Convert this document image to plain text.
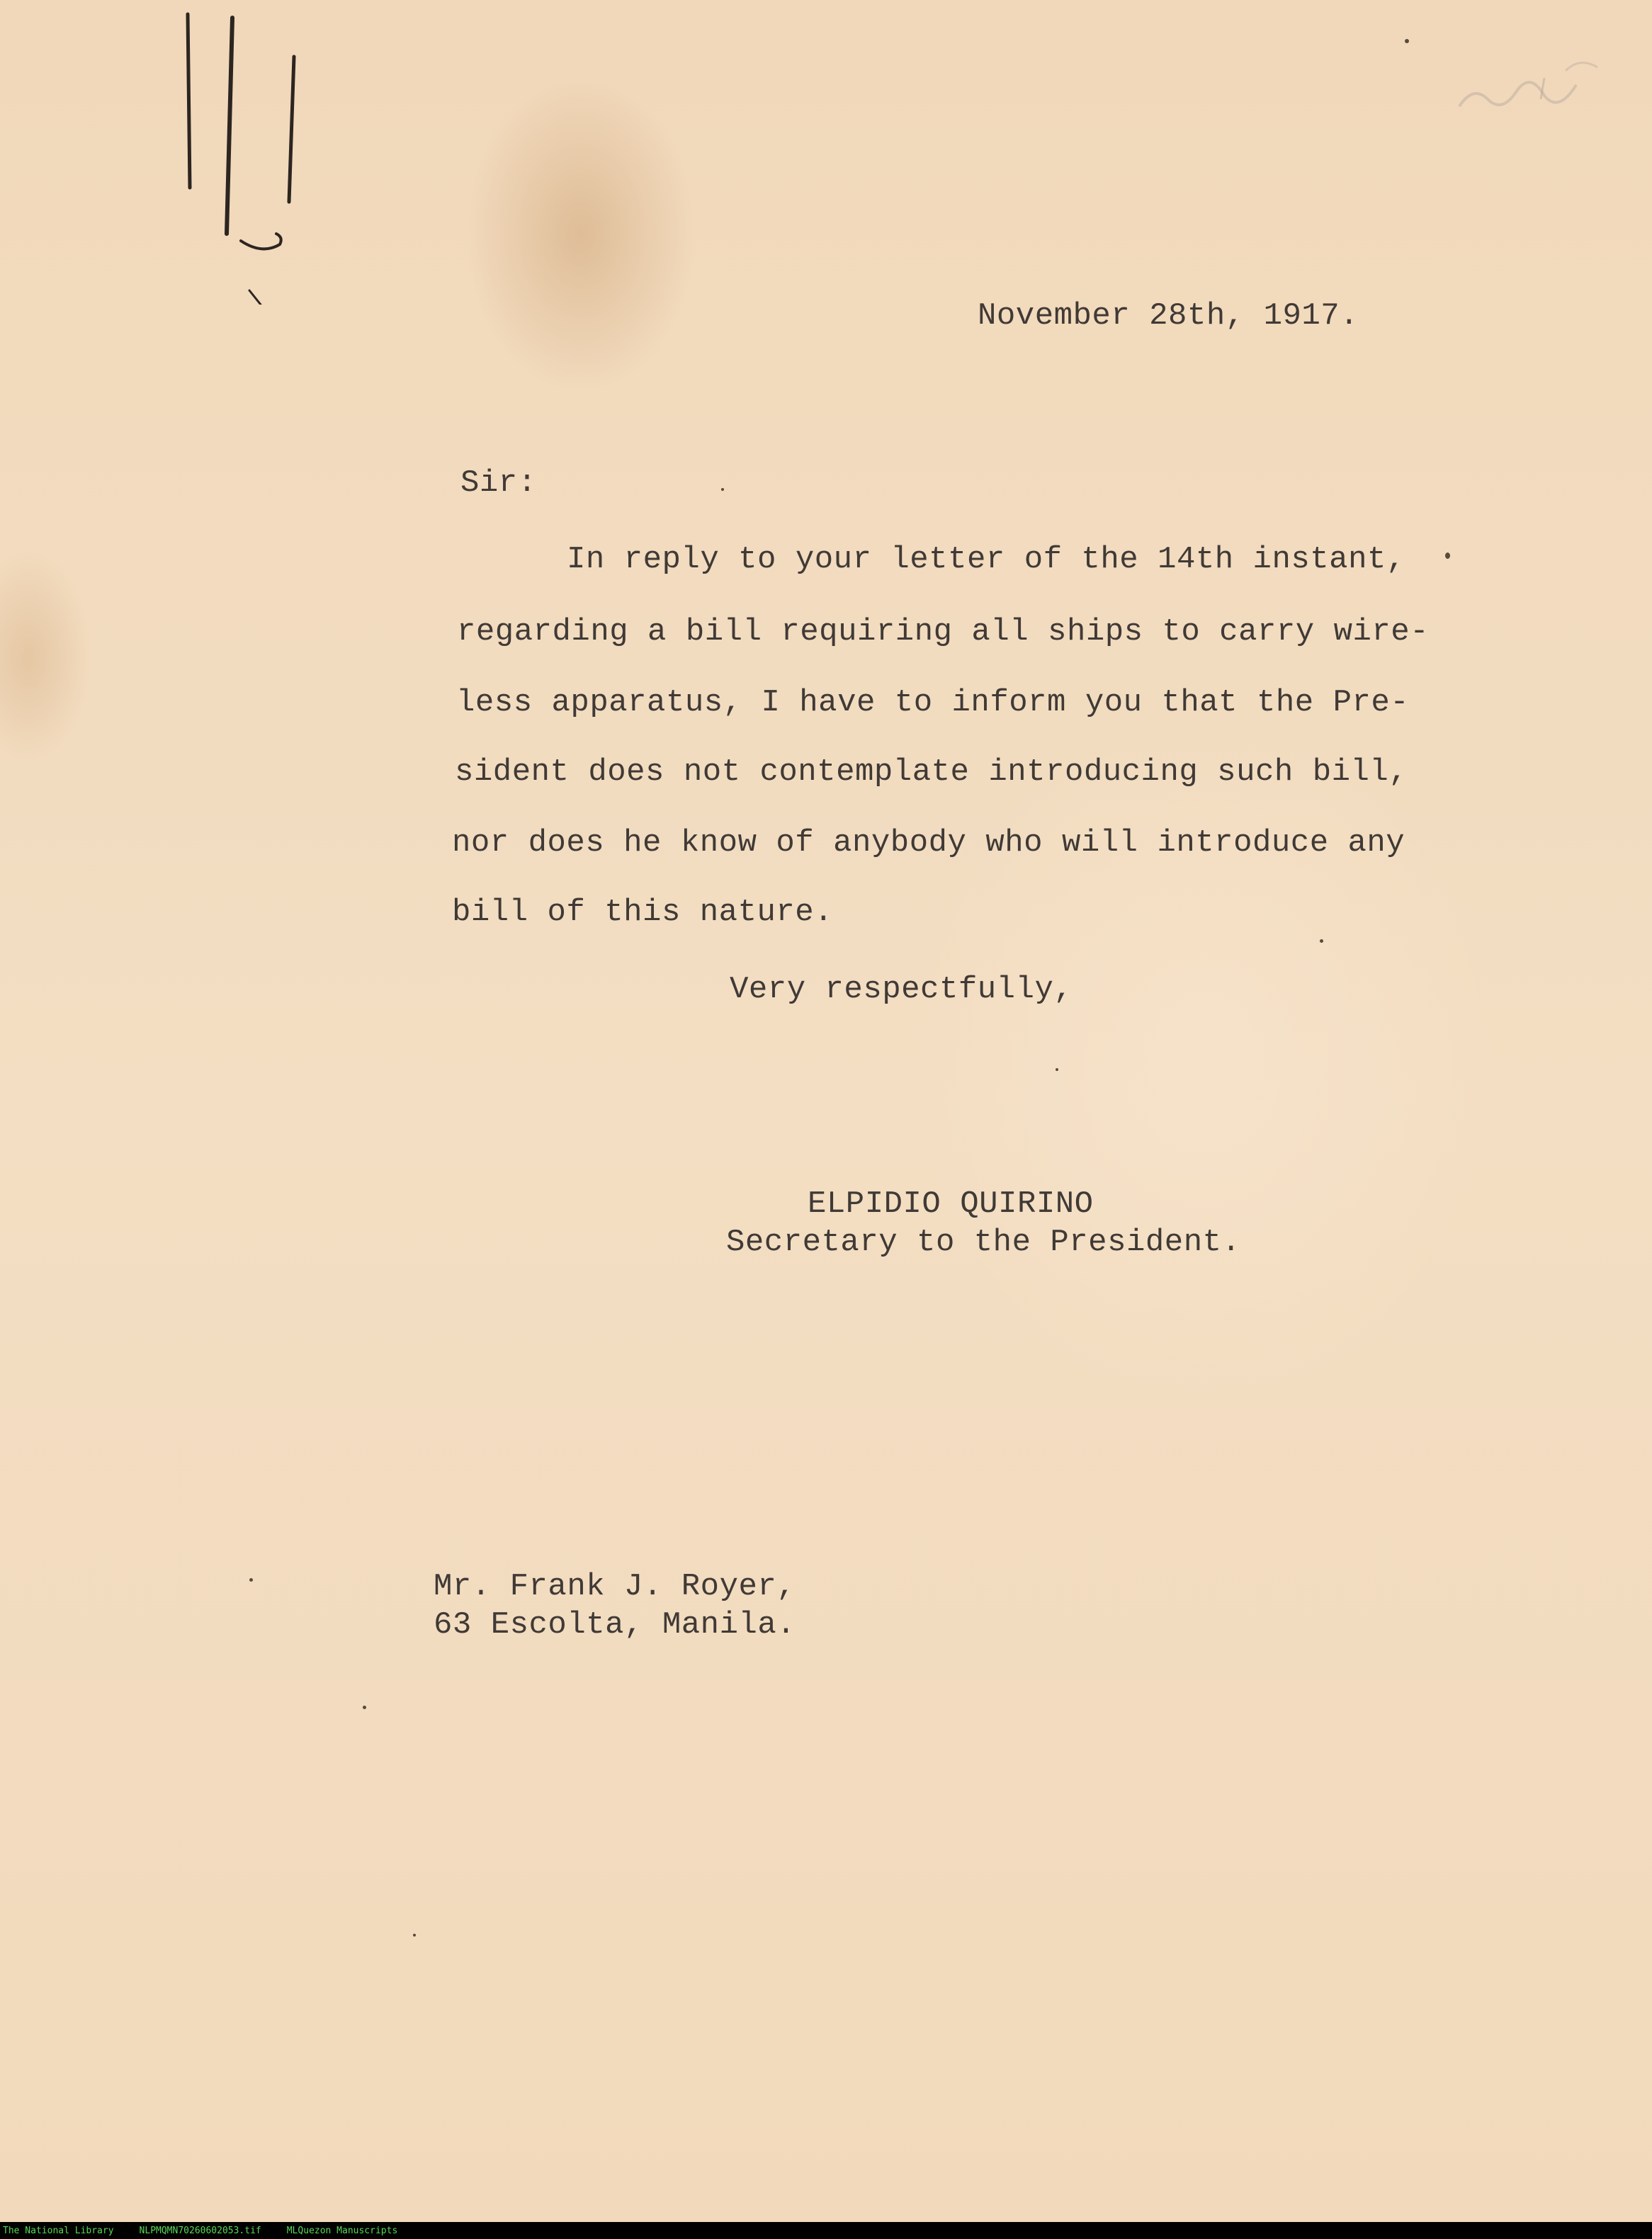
November 28th, 1917.
Sir:
In reply to your letter of the 14th instant,
regarding a bill requiring all ships to carry wire-
less apparatus, I have to inform you that the Pre-
sident does not contemplate introducing such bill,
nor does he know of anybody who will introduce any
bill of this nature.
Very respectfully,
ELPIDIO QUIRINO
Secretary to the President.
Mr. Frank J. Royer,
63 Escolta, Manila.
The National Library	NLPMQMN70260602053.tif	MLQuezon Manuscripts
